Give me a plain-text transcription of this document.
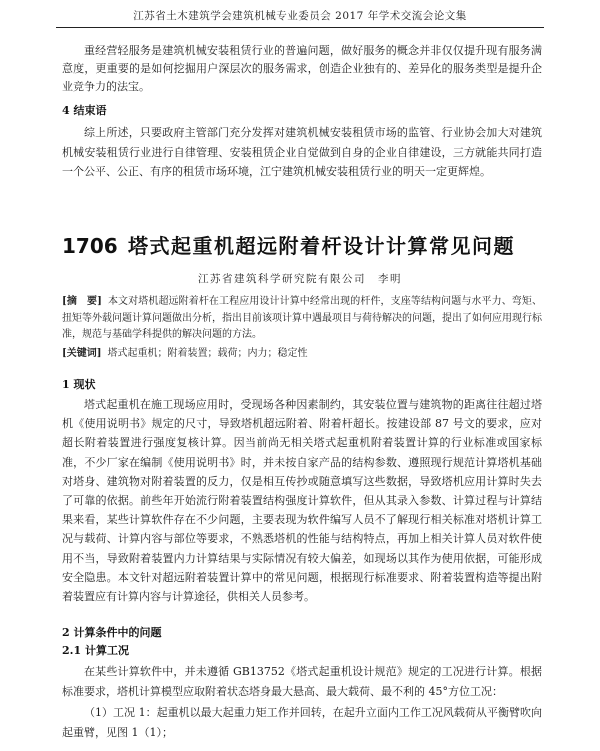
江苏省土木建筑学会建筑机械专业委员会 2017 年学术交流会论文集

重经营轻服务是建筑机械安装租赁行业的普遍问题，做好服务的概念并非仅仅提升现有服务满意度，更重要的是如何挖掘用户深层次的服务需求，创造企业独有的、差异化的服务类型是提升企业竞争力的法宝。

4 结束语

综上所述，只要政府主管部门充分发挥对建筑机械安装租赁市场的监管、行业协会加大对建筑机械安装租赁行业进行自律管理、安装租赁企业自觉做到自身的企业自律建设，三方就能共同打造一个公平、公正、有序的租赁市场环境，江宁建筑机械安装租赁行业的明天一定更辉煌。

1706 塔式起重机超远附着杆设计计算常见问题
江苏省建筑科学研究院有限公司　李明

[摘　要] 本文对塔机超远附着杆在工程应用设计计算中经常出现的杆件，支座等结构问题与水平力、弯矩、扭矩等外载问题计算问题做出分析，指出目前该项计算中遇最项目与荷待解决的问题，提出了如何应用现行标准，规范与基础学科提供的解决问题的方法。

[关键词] 塔式起重机；附着装置；载荷；内力；稳定性

1 现状

塔式起重机在施工现场应用时，受现场各种因素制约，其安装位置与建筑物的距离往往超过塔机《使用说明书》规定的尺寸，导致塔机超远附着、附着杆超长。按建设部 87 号文的要求，应对超长附着装置进行强度复核计算。因当前尚无相关塔式起重机附着装置计算的行业标准或国家标准，不少厂家在编制《使用说明书》时，并未按自家产品的结构参数、遵照现行规范计算塔机基础对塔身、建筑物对附着装置的反力，仅是相互传抄或随意填写这些数据，导致塔机应用计算时失去了可靠的依据。前些年开始流行附着装置结构强度计算软件，但从其录入参数、计算过程与计算结果来看，某些计算软件存在不少问题，主要表现为软件编写人员不了解现行相关标准对塔机计算工况与载荷、计算内容与部位等要求，不熟悉塔机的性能与结构特点，再加上相关计算人员对软件使用不当，导致附着装置内力计算结果与实际情况有较大偏差，如现场以其作为使用依据，可能形成安全隐患。本文针对超远附着装置计算中的常见问题，根据现行标准要求、附着装置构造等提出附着装置应有计算内容与计算途径，供相关人员参考。

2 计算条件中的问题
2.1 计算工况

在某些计算软件中，并未遵循 GB13752《塔式起重机设计规范》规定的工况进行计算。根据标准要求，塔机计算模型应取附着状态塔身最大悬高、最大载荷、最不利的 45°方位工况：

（1）工况 1：起重机以最大起重力矩工作并回转，在起升立面内工作工况风载荷从平衡臂吹向起重臂，见图 1（1）；
